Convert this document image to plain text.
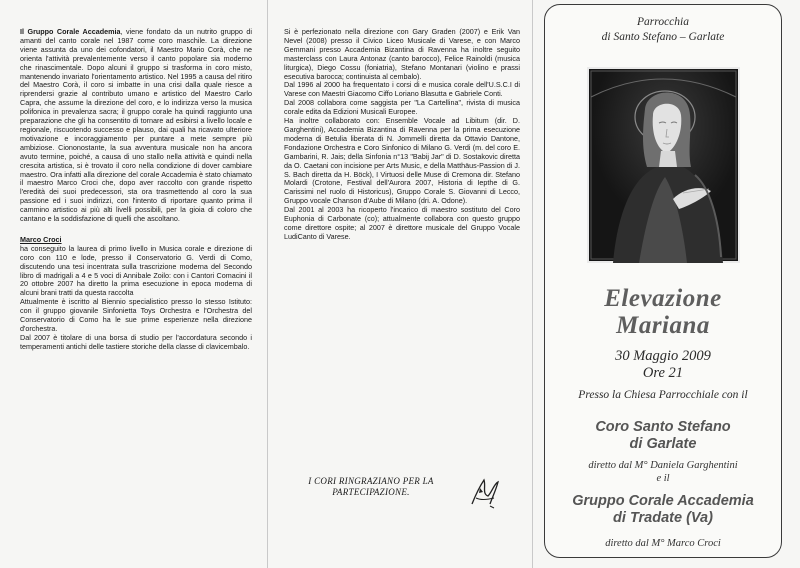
Il Gruppo Corale Accademia, viene fondato da un nutrito gruppo di amanti del canto corale nel 1987 come coro maschile. La direzione viene assunta da uno dei cofondatori, il Maestro Mario Corà, che ne orienta l'attività prevalentemente verso il canto popolare sia moderno che rinascimentale. Dopo alcuni il gruppo si trasforma in coro misto, mantenendo invariato l'orientamento artistico. Nel 1995 a causa del ritiro del Maestro Corà, il coro si imbatte in una crisi dalla quale riesce a riprendersi grazie al contributo umano e artistico del Maestro Carlo Capra, che assume la direzione del coro, e lo indirizza verso la musica polifonica in prevalenza sacra; il gruppo corale ha quindi raggiunto una preparazione che gli ha consentito di tornare ad esibirsi a livello locale e regionale, riscuotendo successo e plauso, dai quali ha ricavato ulteriore motivazione e incoraggiamento per puntare a mete sempre più ambiziose. Ciononostante, la sua avventura musicale non ha ancora avuto termine, poiché, a causa di uno stallo nella attività e quindi nella crescita artistica, si è trovato il coro nella condizione di dover cambiare maestro. Ora infatti alla direzione del corale Accademia è stato chiamato il maestro Marco Croci che, dopo aver raccolto con grande rispetto l'eredità dei suoi predecessori, sta ora trasmettendo al coro la sua passione ed i suoi indirizzi, con l'intento di riportare quanto prima il cammino artistico ai più alti livelli possibili, per la gioia di coloro che cantano e la soddisfazione di quelli che ascoltano.

Marco Croci

ha conseguito la laurea di primo livello in Musica corale e direzione di coro con 110 e lode, presso il Conservatorio G. Verdi di Como, discutendo una tesi incentrata sulla trascrizione moderna del Secondo libro di madrigali a 4 e 5 voci di Annibale Zoilo: con i Cantori Comacini il 20 ottobre 2007 ha diretto la prima esecuzione in epoca moderna di alcuni brani tratti da questa raccolta

Attualmente è iscritto al Biennio specialistico presso lo stesso Istituto: con il gruppo giovanile Sinfonietta Toys Orchestra e l'Orchestra del Conservatorio di Como ha le sue prime esperienze nella direzione d'orchestra.

Dal 2007 è titolare di una borsa di studio per l'accordatura secondo i temperamenti antichi delle tastiere storiche della classe di clavicembalo.

Si è perfezionato nella direzione con Gary Graden (2007) e Erik Van Nevel (2008) presso il Civico Liceo Musicale di Varese, e con Marco Gemmani presso Accademia Bizantina di Ravenna ha inoltre seguito masterclass con Laura Antonaz (canto barocco), Felice Rainoldi (musica liturgica), Diego Cossu (foniatria), Stefano Montanari (violino e prassi esecutiva barocca; continuista al cembalo).

Dal 1996 al 2000 ha frequentato i corsi di e musica corale dell'U.S.C.I di Varese con Maestri Giacomo Ciffo Loriano Blasutta e Gabriele Conti.

Dal 2008 collabora come saggista per "La Cartellina", rivista di musica corale edita da Edizioni Musicali Europee.

Ha inoltre collaborato con: Ensemble Vocale ad Libitum (dir. D. Garghentini), Accademia Bizantina di Ravenna per la prima esecuzione moderna di Betulia liberata di N. Jommelli diretta da Ottavio Dantone, Fondazione Orchestra e Coro Sinfonico di Milano G. Verdi (m. del coro E. Gambarini, R. Jais; della Sinfonia n°13 "Babij Jar" di D. Sostakovic diretta da O. Caetani con incisione per Arts Music, e della Matthäus-Passion di J. S. Bach diretta da H. Böck), I Virtuosi delle Muse di Cremona dir. Stefano Molardi (Crotone, Festival dell'Aurora 2007, Historia di Iepthe di G. Carissimi nel ruolo di Historicus), Gruppo Corale S. Giovanni di Lecco, Gruppo vocale Chanson d'Aube di Milano (dri. A. Odone).

Dal 2001 al 2003 ha ricoperto l'incarico di maestro sostituto del Coro Euphonia di Carbonate (co); attualmente collabora con questo gruppo come direttore ospite; al 2007 è direttore musicale del Gruppo Vocale LudiCanto di Varese.

I CORI RINGRAZIANO PER LA
PARTECIPAZIONE.
Parrocchia
di Santo Stefano – Garlate
Elevazione
Mariana
30 Maggio 2009
Ore 21
Presso la Chiesa Parrocchiale con il
Coro Santo Stefano
di Garlate
diretto dal M° Daniela Garghentini
e il
Gruppo Corale Accademia
di Tradate (Va)
diretto dal M° Marco Croci
